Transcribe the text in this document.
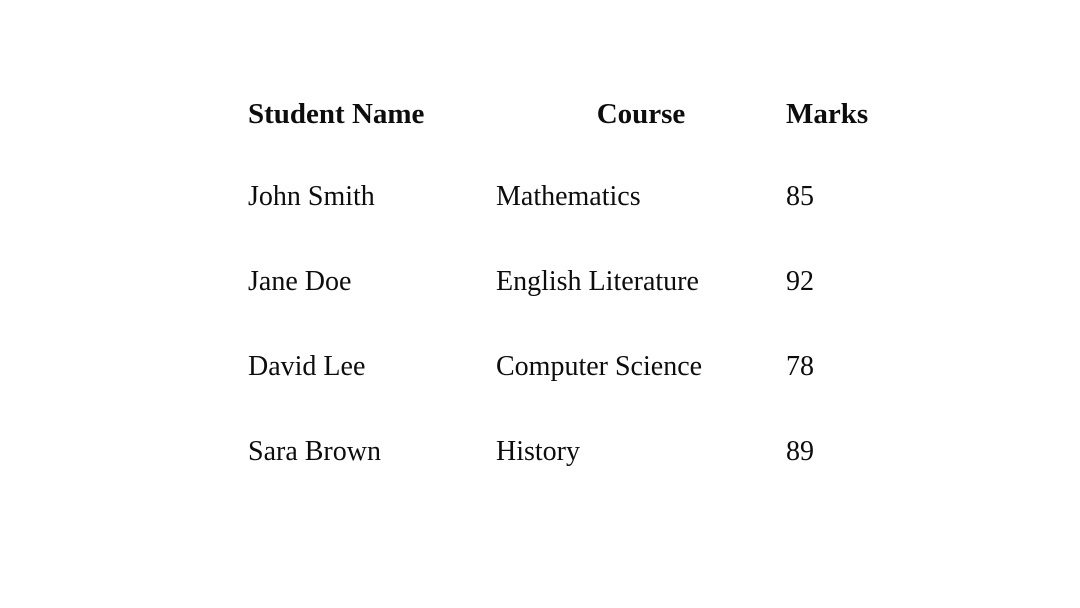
Student Name	Course	Marks
John Smith	Mathematics	85
Jane Doe	English Literature	92
David Lee	Computer Science	78
Sara Brown	History	89
